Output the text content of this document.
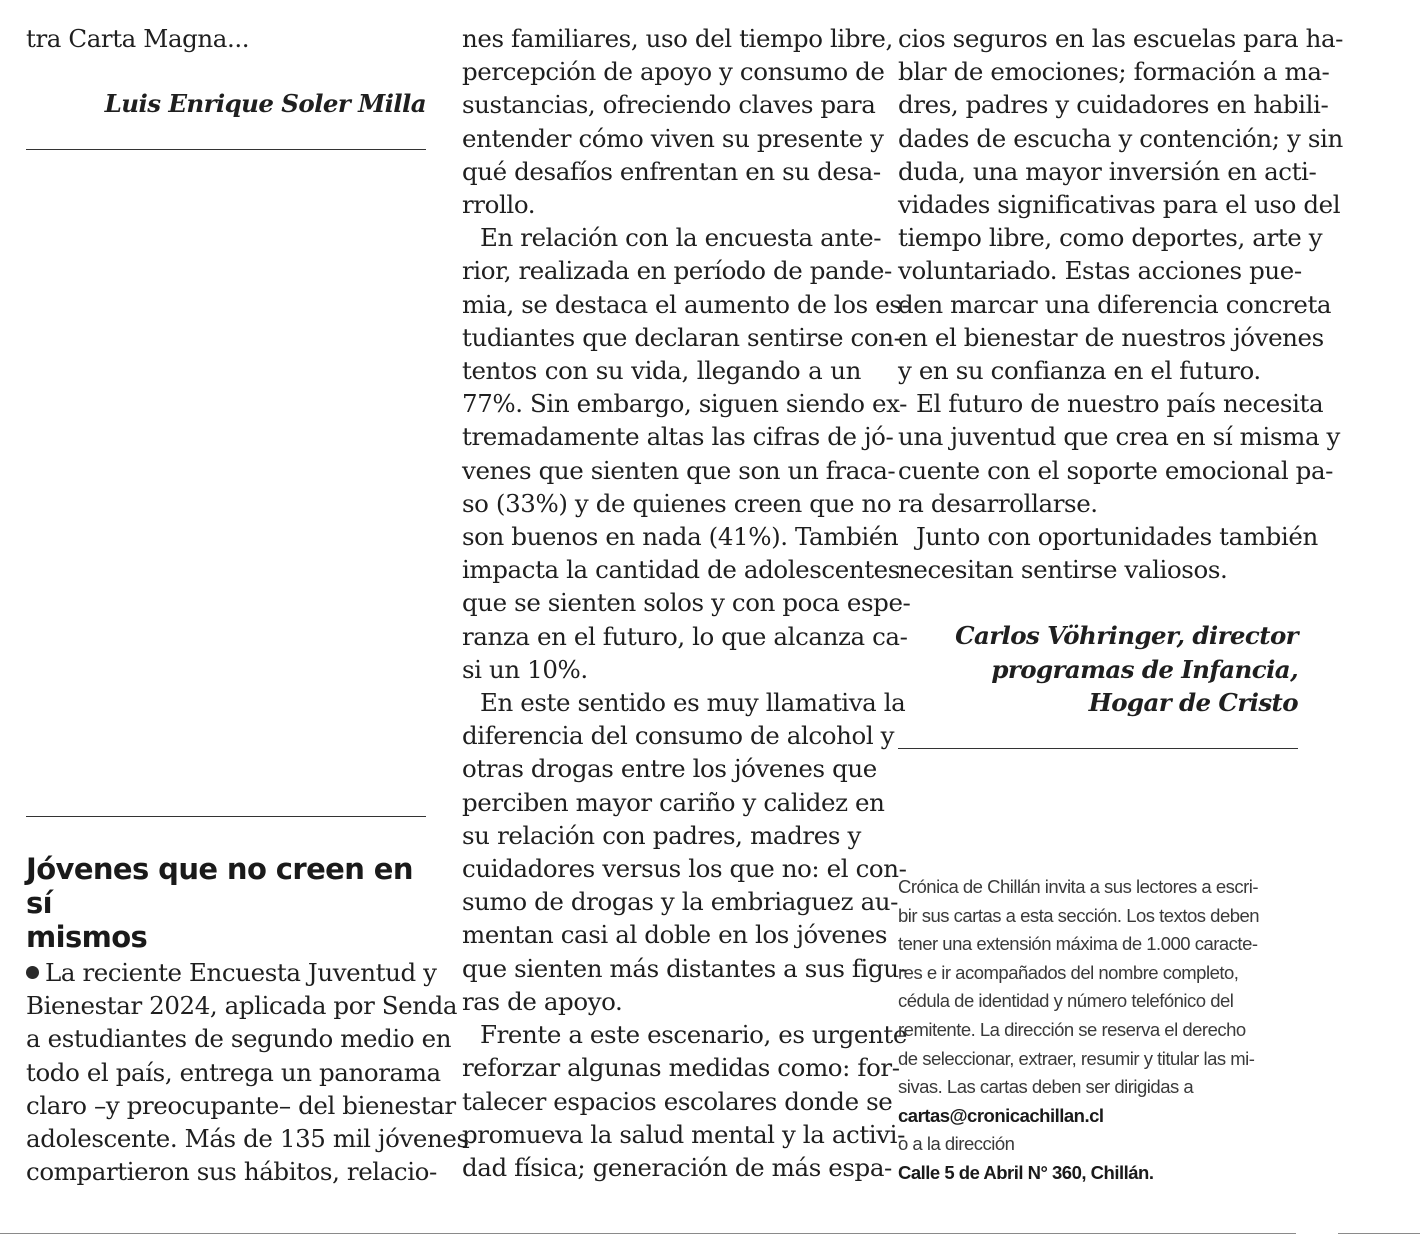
tra Carta Magna...

Luis Enrique Soler Milla

Jóvenes que no creen en sí
mismos

La reciente Encuesta Juventud y
Bienestar 2024, aplicada por Senda
a estudiantes de segundo medio en
todo el país, entrega un panorama
claro –y preocupante– del bienestar
adolescente. Más de 135 mil jóvenes
compartieron sus hábitos, relacio-

nes familiares, uso del tiempo libre,
percepción de apoyo y consumo de
sustancias, ofreciendo claves para
entender cómo viven su presente y
qué desafíos enfrentan en su desa-
rrollo.

En relación con la encuesta ante-
rior, realizada en período de pande-
mia, se destaca el aumento de los es-
tudiantes que declaran sentirse con-
tentos con su vida, llegando a un
77%. Sin embargo, siguen siendo ex-
tremadamente altas las cifras de jó-
venes que sienten que son un fraca-
so (33%) y de quienes creen que no
son buenos en nada (41%). También
impacta la cantidad de adolescentes
que se sienten solos y con poca espe-
ranza en el futuro, lo que alcanza ca-
si un 10%.

En este sentido es muy llamativa la
diferencia del consumo de alcohol y
otras drogas entre los jóvenes que
perciben mayor cariño y calidez en
su relación con padres, madres y
cuidadores versus los que no: el con-
sumo de drogas y la embriaguez au-
mentan casi al doble en los jóvenes
que sienten más distantes a sus figu-
ras de apoyo.

Frente a este escenario, es urgente
reforzar algunas medidas como: for-
talecer espacios escolares donde se
promueva la salud mental y la activi-
dad física; generación de más espa-

cios seguros en las escuelas para ha-
blar de emociones; formación a ma-
dres, padres y cuidadores en habili-
dades de escucha y contención; y sin
duda, una mayor inversión en acti-
vidades significativas para el uso del
tiempo libre, como deportes, arte y
voluntariado. Estas acciones pue-
den marcar una diferencia concreta
en el bienestar de nuestros jóvenes
y en su confianza en el futuro.

El futuro de nuestro país necesita
una juventud que crea en sí misma y
cuente con el soporte emocional pa-
ra desarrollarse.

Junto con oportunidades también
necesitan sentirse valiosos.

Carlos Vöhringer, director
programas de Infancia,
Hogar de Cristo

Crónica de Chillán invita a sus lectores a escri-
bir sus cartas a esta sección. Los textos deben
tener una extensión máxima de 1.000 caracte-
res e ir acompañados del nombre completo,
cédula de identidad y número telefónico del
remitente. La dirección se reserva el derecho
de seleccionar, extraer, resumir y titular las mi-
sivas. Las cartas deben ser dirigidas a
cartas@cronicachillan.cl
o a la dirección
Calle 5 de Abril N° 360, Chillán.
